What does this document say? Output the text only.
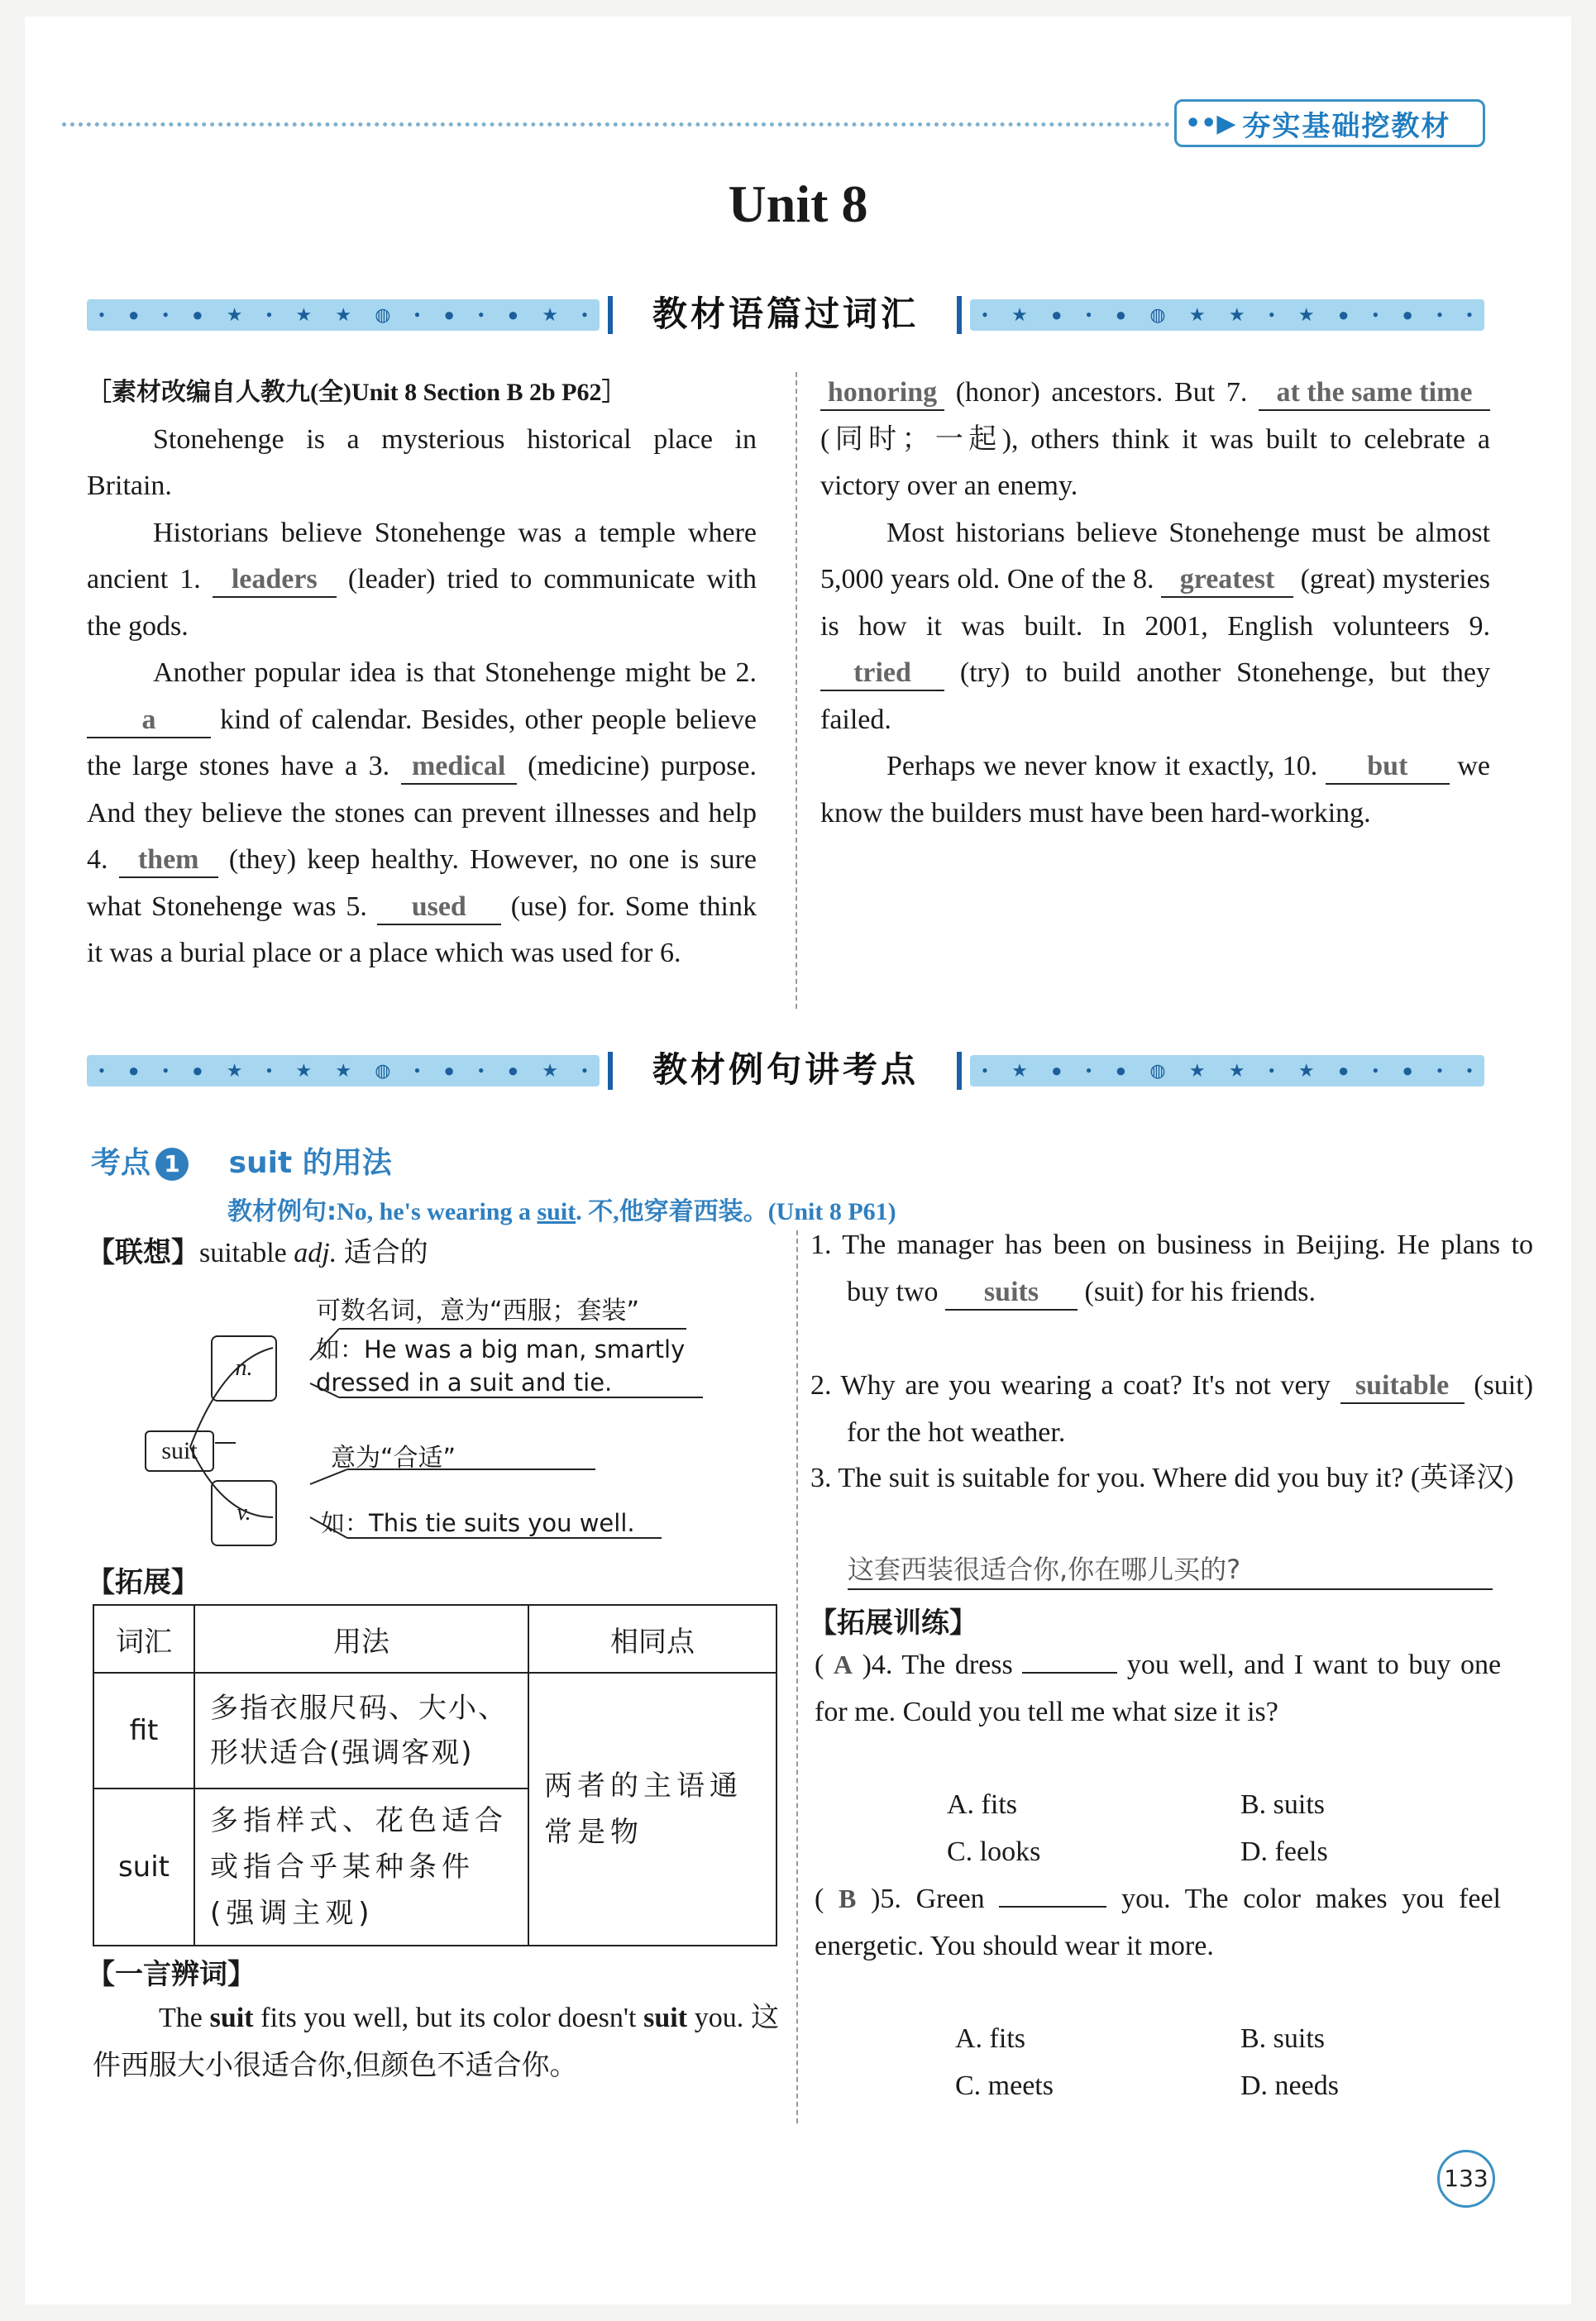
••▶ 夯实基础挖教材
Unit 8
• ● • ● ★ • ★ ★ ◍ • ● • ● ★ •	教材语篇过词汇	• ★ ● • ● ◍ ★ ★ • ★ ● • ● • •

［素材改编自人教九(全)Unit 8 Section B 2b P62］

Stonehenge is a mysterious historical place in Britain.

Historians believe Stonehenge was a temple where ancient 1. leaders (leader) tried to communicate with the gods.

Another popular idea is that Stonehenge might be 2. a kind of calendar. Besides, other people believe the large stones have a 3. medical (medicine) purpose. And they believe the stones can prevent illnesses and help 4. them (they) keep healthy. However, no one is sure what Stonehenge was 5. used (use) for. Some think it was a burial place or a place which was used for 6.

honoring (honor) ancestors. But 7. at the same time (同时；一起), others think it was built to celebrate a victory over an enemy.

Most historians believe Stonehenge must be almost 5,000 years old. One of the 8. greatest (great) mysteries is how it was built. In 2001, English volunteers 9. tried (try) to build another Stonehenge, but they failed.

Perhaps we never know it exactly, 10. but we know the builders must have been hard-working.

• ● • ● ★ • ★ ★ ◍ • ● • ● ★ •	教材例句讲考点	• ★ ● • ● ◍ ★ ★ • ★ ● • ● • •
考点 1 suit 的用法
教材例句:No, he's wearing a suit. 不,他穿着西装。(Unit 8 P61)
【联想】suitable adj. 适合的
suit
n.
v.
可数名词，意为“西服；套装”
如：He was a big man, smartly dressed in a suit and tie.
意为“合适”
如：This tie suits you well.
【拓展】
词汇	用法	相同点
fit	多指衣服尺码、大小、形状适合(强调客观)	两者的主语通常是物
suit	多指样式、花色适合或指合乎某种条件(强调主观)	
【一言辨词】

The suit fits you well, but its color doesn't suit you. 这件西服大小很适合你,但颜色不适合你。

1. The manager has been on business in Beijing. He plans to buy two suits (suit) for his friends.

2. Why are you wearing a coat? It's not very suitable (suit) for the hot weather.

3. The suit is suitable for you. Where did you buy it? (英译汉)

这套西装很适合你,你在哪儿买的?
【拓展训练】

( A )4. The dress	you well, and I want to buy one for me. Could you tell me what size it is?

A. fits	B. suits
C. looks	D. feels

( B )5. Green	you. The color makes you feel energetic. You should wear it more.

A. fits	B. suits
C. meets	D. needs
133
